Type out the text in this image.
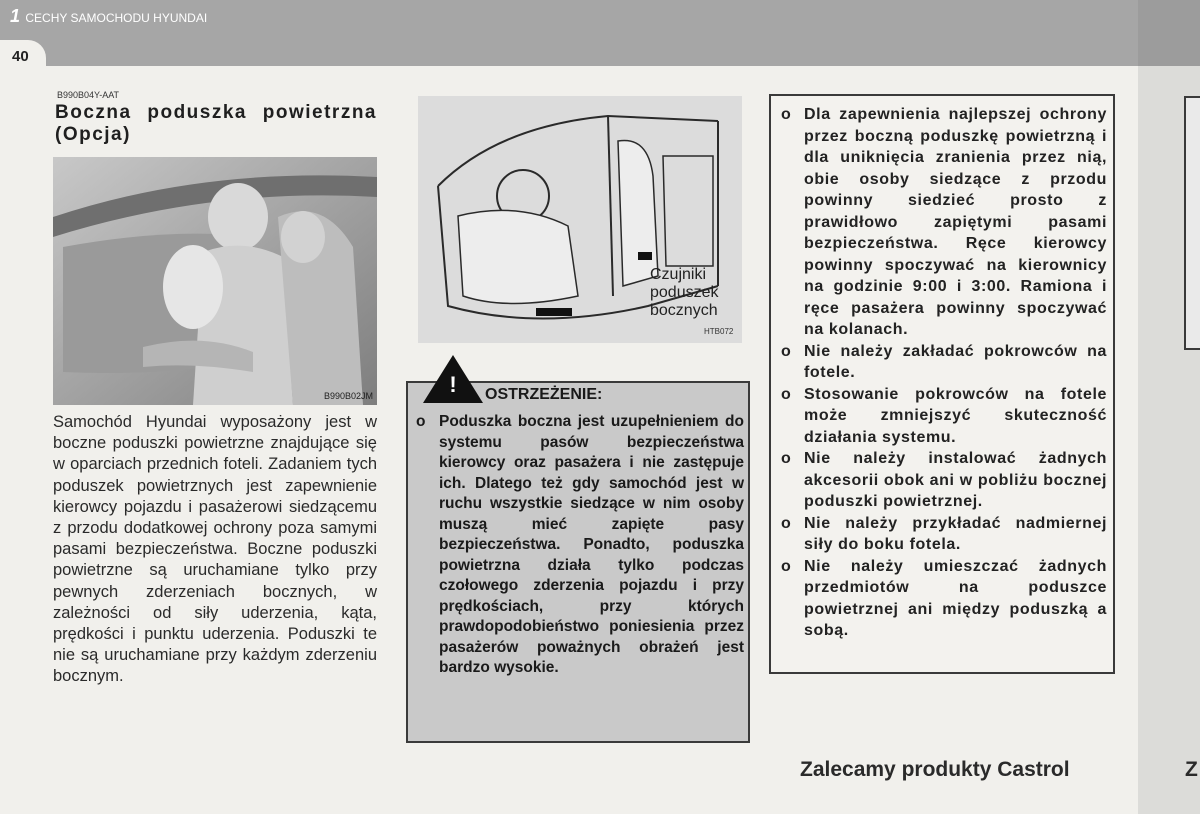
1 CECHY SAMOCHODU HYUNDAI
40
B990B04Y-AAT
Boczna poduszka powietrzna (Opcja)
B990B02JM
Samochód Hyundai wyposażony jest w boczne poduszki powietrzne znajdujące się w oparciach przednich foteli. Zadaniem tych poduszek powietrznych jest zapewnienie kierowcy pojazdu i pasażerowi siedzącemu z przodu dodatkowej ochrony poza samymi pasami bezpieczeństwa. Boczne poduszki powietrzne są uruchamiane tylko przy pewnych zderzeniach bocznych, w zależności od siły uderzenia, kąta, prędkości i punktu uderzenia. Poduszki te nie są uruchamiane przy każdym zderzeniu bocznym.
Czujniki
poduszek
bocznych
HTB072
! OSTRZEŻENIE:
o Poduszka boczna jest uzupełnieniem do systemu pasów bezpieczeństwa kierowcy oraz pasażera i nie zastępuje ich. Dlatego też gdy samochód jest w ruchu wszystkie siedzące w nim osoby muszą mieć zapięte pasy bezpieczeństwa. Ponadto, poduszka powietrzna działa tylko podczas czołowego zderzenia pojazdu i przy prędkościach, przy których prawdopodobieństwo poniesienia przez pasażerów poważnych obrażeń jest bardzo wysokie.
o Dla zapewnienia najlepszej ochrony przez boczną poduszkę powietrzną i dla uniknięcia zranienia przez nią, obie osoby siedzące z przodu powinny siedzieć prosto z prawidłowo zapiętymi pasami bezpieczeństwa. Ręce kierowcy powinny spoczywać na kierownicy na godzinie 9:00 i 3:00. Ramiona i ręce pasażera powinny spoczywać na kolanach.
o Nie należy zakładać pokrowców na fotele.
o Stosowanie pokrowców na fotele może zmniejszyć skuteczność działania systemu.
o Nie należy instalować żadnych akcesorii obok ani w pobliżu bocznej poduszki powietrznej.
o Nie należy przykładać nadmiernej siły do boku fotela.
o Nie należy umieszczać żadnych przedmiotów na poduszce powietrznej ani między poduszką a sobą.
Zalecamy produkty Castrol	Z
